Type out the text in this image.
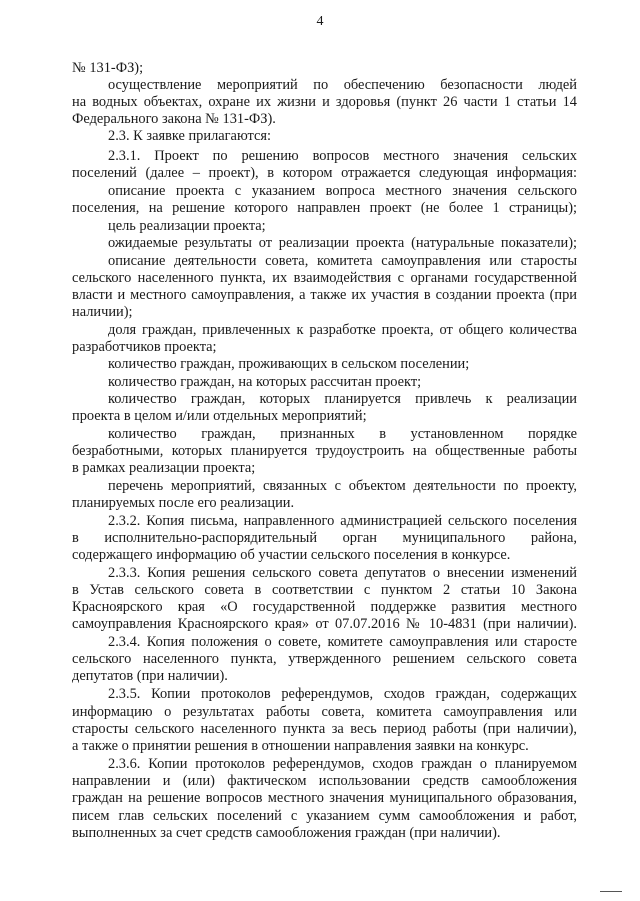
4
№ 131-ФЗ);
осуществление мероприятий по обеспечению безопасности людей
на водных объектах, охране их жизни и здоровья (пункт 26 части 1 статьи 14
Федерального закона № 131-ФЗ).
2.3. К заявке прилагаются:
2.3.1. Проект по решению вопросов местного значения сельских
поселений (далее – проект), в котором отражается следующая информация:
описание проекта с указанием вопроса местного значения сельского
поселения, на решение которого направлен проект (не более 1 страницы);
цель реализации проекта;
ожидаемые результаты от реализации проекта (натуральные показатели);
описание деятельности совета, комитета самоуправления или старосты
сельского населенного пункта, их взаимодействия с органами государственной
власти и местного самоуправления, а также их участия в создании проекта (при
наличии);
доля граждан, привлеченных к разработке проекта, от общего количества
разработчиков проекта;
количество граждан, проживающих в сельском поселении;
количество граждан, на которых рассчитан проект;
количество граждан, которых планируется привлечь к реализации
проекта в целом и/или отдельных мероприятий;
количество граждан, признанных в установленном порядке
безработными, которых планируется трудоустроить на общественные работы
в рамках реализации проекта;
перечень мероприятий, связанных с объектом деятельности по проекту,
планируемых после его реализации.
2.3.2. Копия письма, направленного администрацией сельского поселения
в исполнительно-распорядительный орган муниципального района,
содержащего информацию об участии сельского поселения в конкурсе.
2.3.3. Копия решения сельского совета депутатов о внесении изменений
в Устав сельского совета в соответствии с пунктом 2 статьи 10 Закона
Красноярского края «О государственной поддержке развития местного
самоуправления Красноярского края» от 07.07.2016 № 10-4831 (при наличии).
2.3.4. Копия положения о совете, комитете самоуправления или старосте
сельского населенного пункта, утвержденного решением сельского совета
депутатов (при наличии).
2.3.5. Копии протоколов референдумов, сходов граждан, содержащих
информацию о результатах работы совета, комитета самоуправления или
старосты сельского населенного пункта за весь период работы (при наличии),
а также о принятии решения в отношении направления заявки на конкурс.
2.3.6. Копии протоколов референдумов, сходов граждан о планируемом
направлении и (или) фактическом использовании средств самообложения
граждан на решение вопросов местного значения муниципального образования,
писем глав сельских поселений с указанием сумм самообложения и работ,
выполненных за счет средств самообложения граждан (при наличии).
